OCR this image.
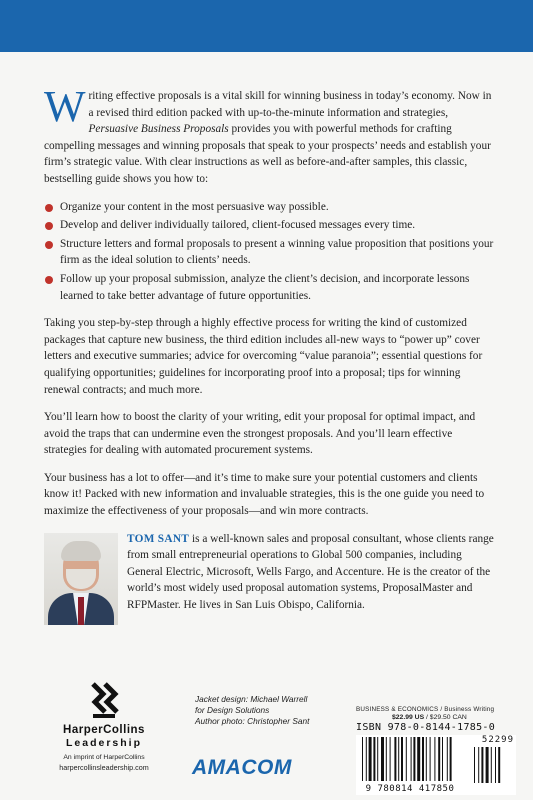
Writing effective proposals is a vital skill for winning business in today’s economy. Now in a revised third edition packed with up-to-the-minute information and strategies, Persuasive Business Proposals provides you with powerful methods for crafting compelling messages and winning proposals that speak to your prospects’ needs and establish your firm’s strategic value. With clear instructions as well as before-and-after samples, this classic, bestselling guide shows you how to:

Organize your content in the most persuasive way possible.
Develop and deliver individually tailored, client-focused messages every time.
Structure letters and formal proposals to present a winning value proposition that positions your firm as the ideal solution to clients’ needs.
Follow up your proposal submission, analyze the client’s decision, and incorporate lessons learned to take better advantage of future opportunities.

Taking you step-by-step through a highly effective process for writing the kind of customized packages that capture new business, the third edition includes all-new ways to “power up” cover letters and executive summaries; advice for overcoming “value paranoia”; essential questions for qualifying opportunities; guidelines for incorporating proof into a proposal; tips for winning renewal contracts; and much more.

You’ll learn how to boost the clarity of your writing, edit your proposal for optimal impact, and avoid the traps that can undermine even the strongest proposals. And you’ll learn effective strategies for dealing with automated procurement systems.

Your business has a lot to offer—and it’s time to make sure your potential customers and clients know it! Packed with new information and invaluable strategies, this is the one guide you need to maximize the effectiveness of your proposals—and win more contracts.

TOM SANT is a well-known sales and proposal consultant, whose clients range from small entrepreneurial operations to Global 500 companies, including General Electric, Microsoft, Wells Fargo, and Accenture. He is the creator of the world’s most widely used proposal automation systems, ProposalMaster and RFPMaster. He lives in San Luis Obispo, California.
HarperCollins
Leadership
An imprint of HarperCollins
harpercollinsleadership.com
Jacket design: Michael Warrell
for Design Solutions
Author photo: Christopher Sant
AMACOM
BUSINESS & ECONOMICS / Business Writing
$22.99 US / $29.50 CAN
ISBN 978-0-8144-1785-0
9 780814 417850
52299
